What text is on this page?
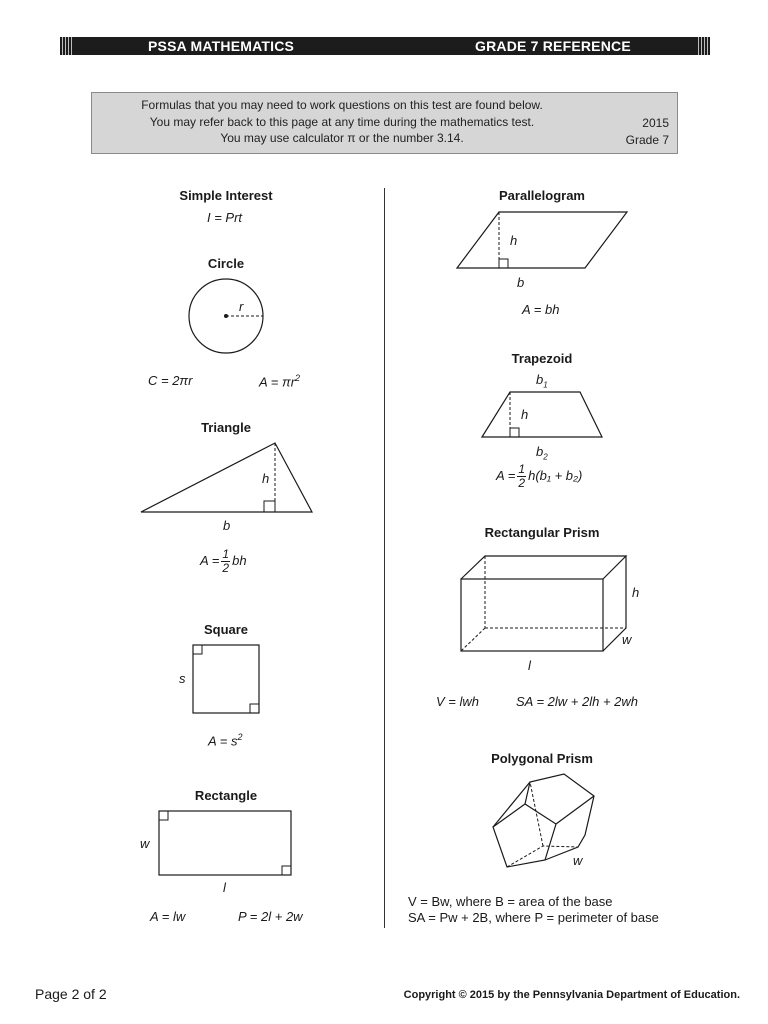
PSSA MATHEMATICS	GRADE 7 REFERENCE
Formulas that you may need to work questions on this test are found below.
You may refer back to this page at any time during the mathematics test.
You may use calculator π or the number 3.14.
2015
Grade 7
Simple Interest
I = Prt
Circle
r
C = 2πr	$A = \pi r^2$
Triangle
h
b
$A = \frac{1}{2}$ bh
Square
s
$A = s^2$
Rectangle
w
l
A = lw	P = 2l + 2w
Parallelogram
h
b
A = bh
Trapezoid
$b_1$
h
$b_2$
$A = \frac{1}{2} h(b_1 + b_2)$
Rectangular Prism
h
w
l
V = lwh	SA = 2lw + 2lh + 2wh
Polygonal Prism
w
V = Bw, where B = area of the base
SA = Pw + 2B, where P = perimeter of base
Page 2 of 2	Copyright © 2015 by the Pennsylvania Department of Education.
